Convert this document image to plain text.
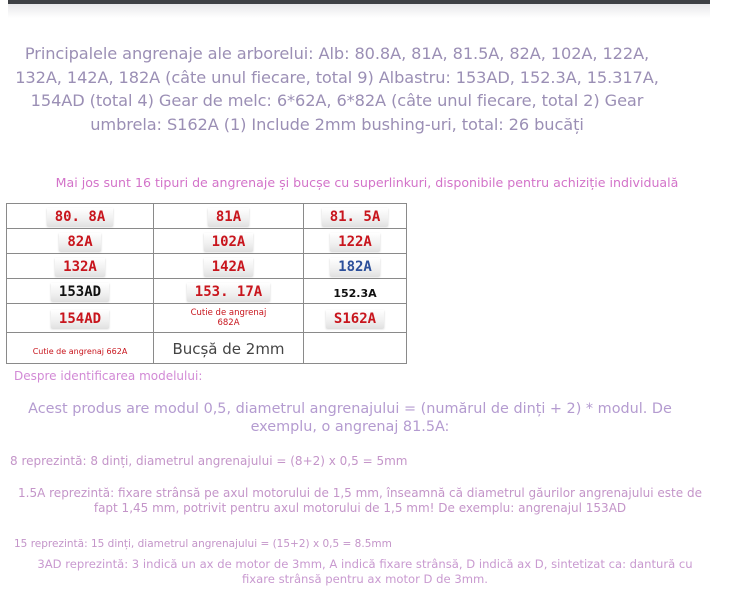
Principalele angrenaje ale arborelui: Alb: 80.8A, 81A, 81.5A, 82A, 102A, 122A, 132A, 142A, 182A (câte unul fiecare, total 9) Albastru: 153AD, 152.3A, 15.317A, 154AD (total 4) Gear de melc: 6*62A, 6*82A (câte unul fiecare, total 2) Gear umbrela: S162A (1) Include 2mm bushing-uri, total: 26 bucăți
Mai jos sunt 16 tipuri de angrenaje și bucșe cu superlinkuri, disponibile pentru achiziție individuală
80. 8A	81A	81. 5A
82A	102A	122A
132A	142A	182A
153AD	153. 17A	152.3A
154AD	Cutie de angrenaj 682A	S162A
Cutie de angrenaj 662A	Bucșă de 2mm	
Despre identificarea modelului:
Acest produs are modul 0,5, diametrul angrenajului = (numărul de dinți + 2) * modul. De exemplu, o angrenaj 81.5A:
8 reprezintă: 8 dinți, diametrul angrenajului = (8+2) x 0,5 = 5mm
1.5A reprezintă: fixare strânsă pe axul motorului de 1,5 mm, înseamnă că diametrul găurilor angrenajului este de fapt 1,45 mm, potrivit pentru axul motorului de 1,5 mm! De exemplu: angrenajul 153AD
15 reprezintă: 15 dinți, diametrul angrenajului = (15+2) x 0,5 = 8.5mm
3AD reprezintă: 3 indică un ax de motor de 3mm, A indică fixare strânsă, D indică ax D, sintetizat ca: dantură cu fixare strânsă pentru ax motor D de 3mm.
